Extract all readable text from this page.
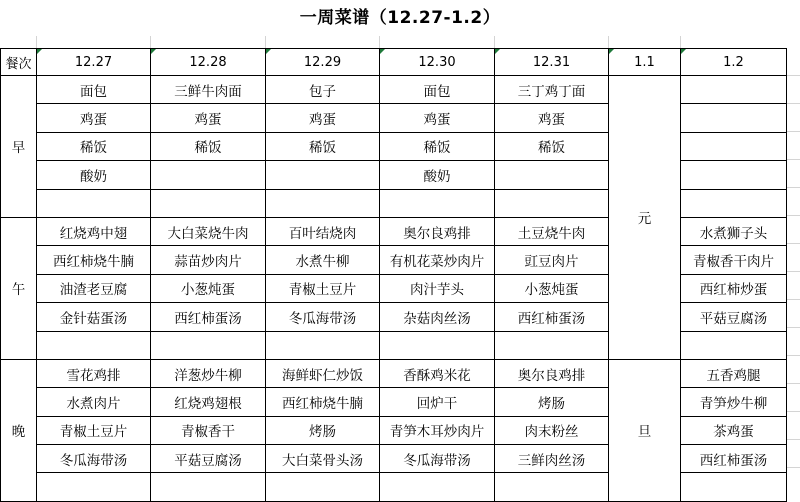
一周菜谱（12.27-1.2）
餐次	12.27	12.28	12.29	12.30	12.31	1.1	1.2
早	面包	三鲜牛肉面	包子	面包	三丁鸡丁面	元	
	鸡蛋	鸡蛋	鸡蛋	鸡蛋	鸡蛋		
	稀饭	稀饭	稀饭	稀饭	稀饭		
	酸奶			酸奶			

午	红烧鸡中翅	大白菜烧牛肉	百叶结烧肉	奥尔良鸡排	土豆烧牛肉		水煮狮子头
	西红柿烧牛腩	蒜苗炒肉片	水煮牛柳	有机花菜炒肉片	豇豆肉片		青椒香干肉片
	油渣老豆腐	小葱炖蛋	青椒土豆片	肉汁芋头	小葱炖蛋		西红柿炒蛋
	金针菇蛋汤	西红柿蛋汤	冬瓜海带汤	杂菇肉丝汤	西红柿蛋汤		平菇豆腐汤

晚	雪花鸡排	洋葱炒牛柳	海鲜虾仁炒饭	香酥鸡米花	奥尔良鸡排	旦	五香鸡腿
	水煮肉片	红烧鸡翅根	西红柿烧牛腩	回炉干	烤肠		青笋炒牛柳
	青椒土豆片	青椒香干	烤肠	青笋木耳炒肉片	肉末粉丝		茶鸡蛋
	冬瓜海带汤	平菇豆腐汤	大白菜骨头汤	冬瓜海带汤	三鲜肉丝汤		西红柿蛋汤
